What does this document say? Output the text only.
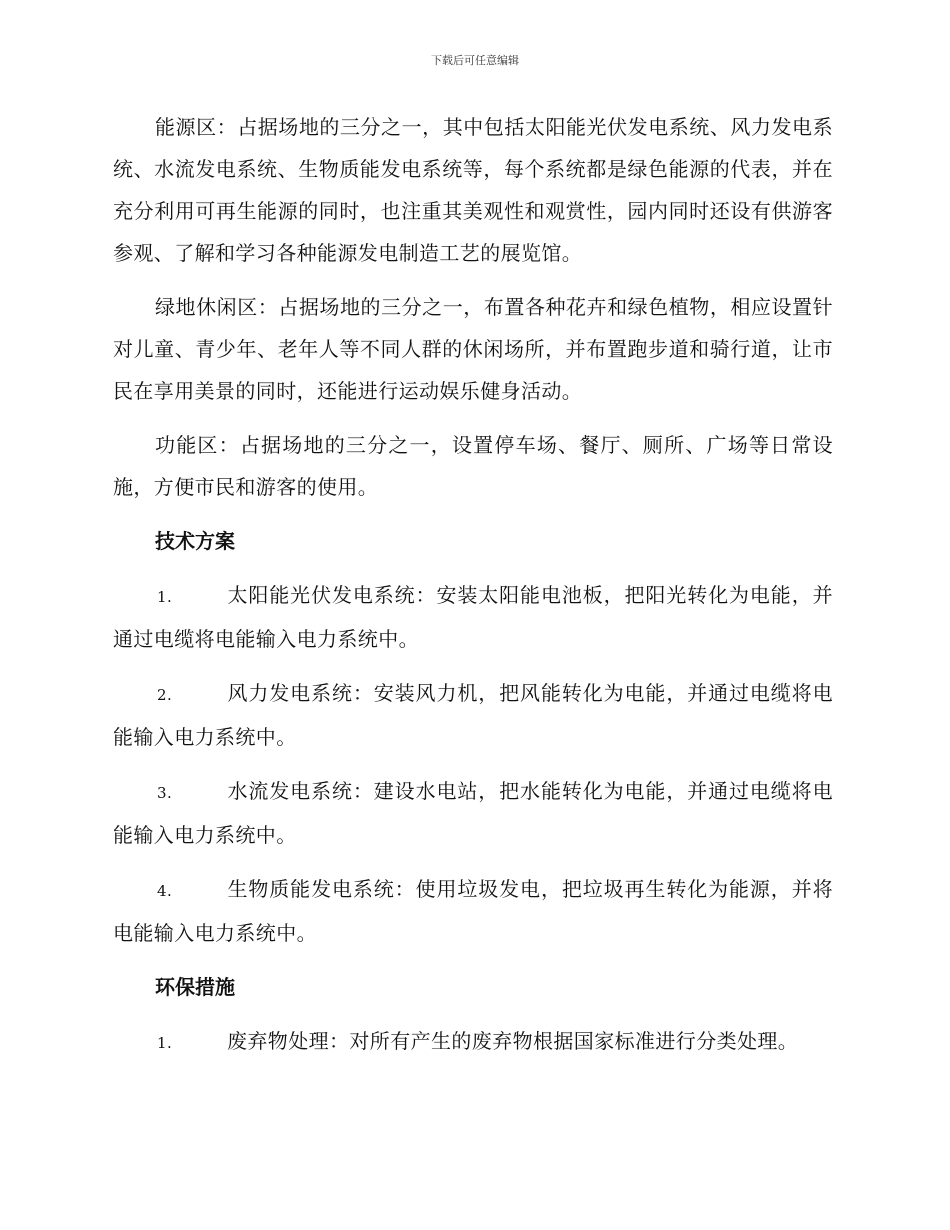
下载后可任意编辑

能源区：占据场地的三分之一，其中包括太阳能光伏发电系统、风力发电系统、水流发电系统、生物质能发电系统等，每个系统都是绿色能源的代表，并在充分利用可再生能源的同时，也注重其美观性和观赏性，园内同时还设有供游客参观、了解和学习各种能源发电制造工艺的展览馆。

绿地休闲区：占据场地的三分之一，布置各种花卉和绿色植物，相应设置针对儿童、青少年、老年人等不同人群的休闲场所，并布置跑步道和骑行道，让市民在享用美景的同时，还能进行运动娱乐健身活动。

功能区：占据场地的三分之一，设置停车场、餐厅、厕所、广场等日常设施，方便市民和游客的使用。

技术方案

1.	太阳能光伏发电系统：安装太阳能电池板，把阳光转化为电能，并通过电缆将电能输入电力系统中。

2.	风力发电系统：安装风力机，把风能转化为电能，并通过电缆将电能输入电力系统中。

3.	水流发电系统：建设水电站，把水能转化为电能，并通过电缆将电能输入电力系统中。

4.	生物质能发电系统：使用垃圾发电，把垃圾再生转化为能源，并将电能输入电力系统中。

环保措施

1.	废弃物处理：对所有产生的废弃物根据国家标准进行分类处理。
